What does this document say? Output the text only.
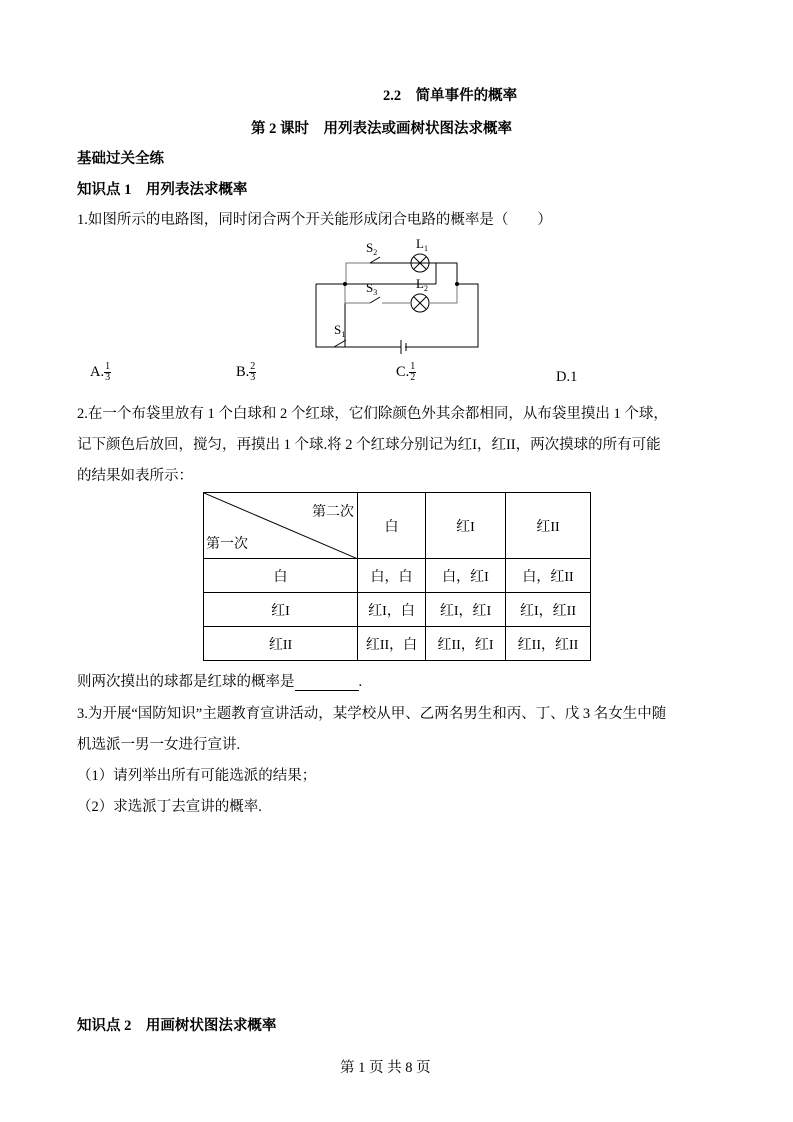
2.2　简单事件的概率
第 2 课时　用列表法或画树状图法求概率
基础过关全练
知识点 1　用列表法求概率
1.如图所示的电路图，同时闭合两个开关能形成闭合电路的概率是（　　）
$S_2$
$L_1$
$S_3$
$L_2$
$S_1$
A. $\frac{1}{3}$	B. $\frac{2}{3}$	C. $\frac{1}{2}$	D.1
2.在一个布袋里放有 1 个白球和 2 个红球，它们除颜色外其余都相同，从布袋里摸出 1 个球，
记下颜色后放回，搅匀，再摸出 1 个球.将 2 个红球分别记为红I，红II，两次摸球的所有可能
的结果如表所示：
第二次
第一次	白	红I	红II
白	白，白	白，红I	白，红II
红I	红I，白	红I，红I	红I，红II
红II	红II，白	红II，红I	红II，红II
则两次摸出的球都是红球的概率是	.
3.为开展“国防知识”主题教育宣讲活动，某学校从甲、乙两名男生和丙、丁、戊 3 名女生中随
机选派一男一女进行宣讲.
（1）请列举出所有可能选派的结果；
（2）求选派丁去宣讲的概率.
知识点 2　用画树状图法求概率
第 1 页 共 8 页
